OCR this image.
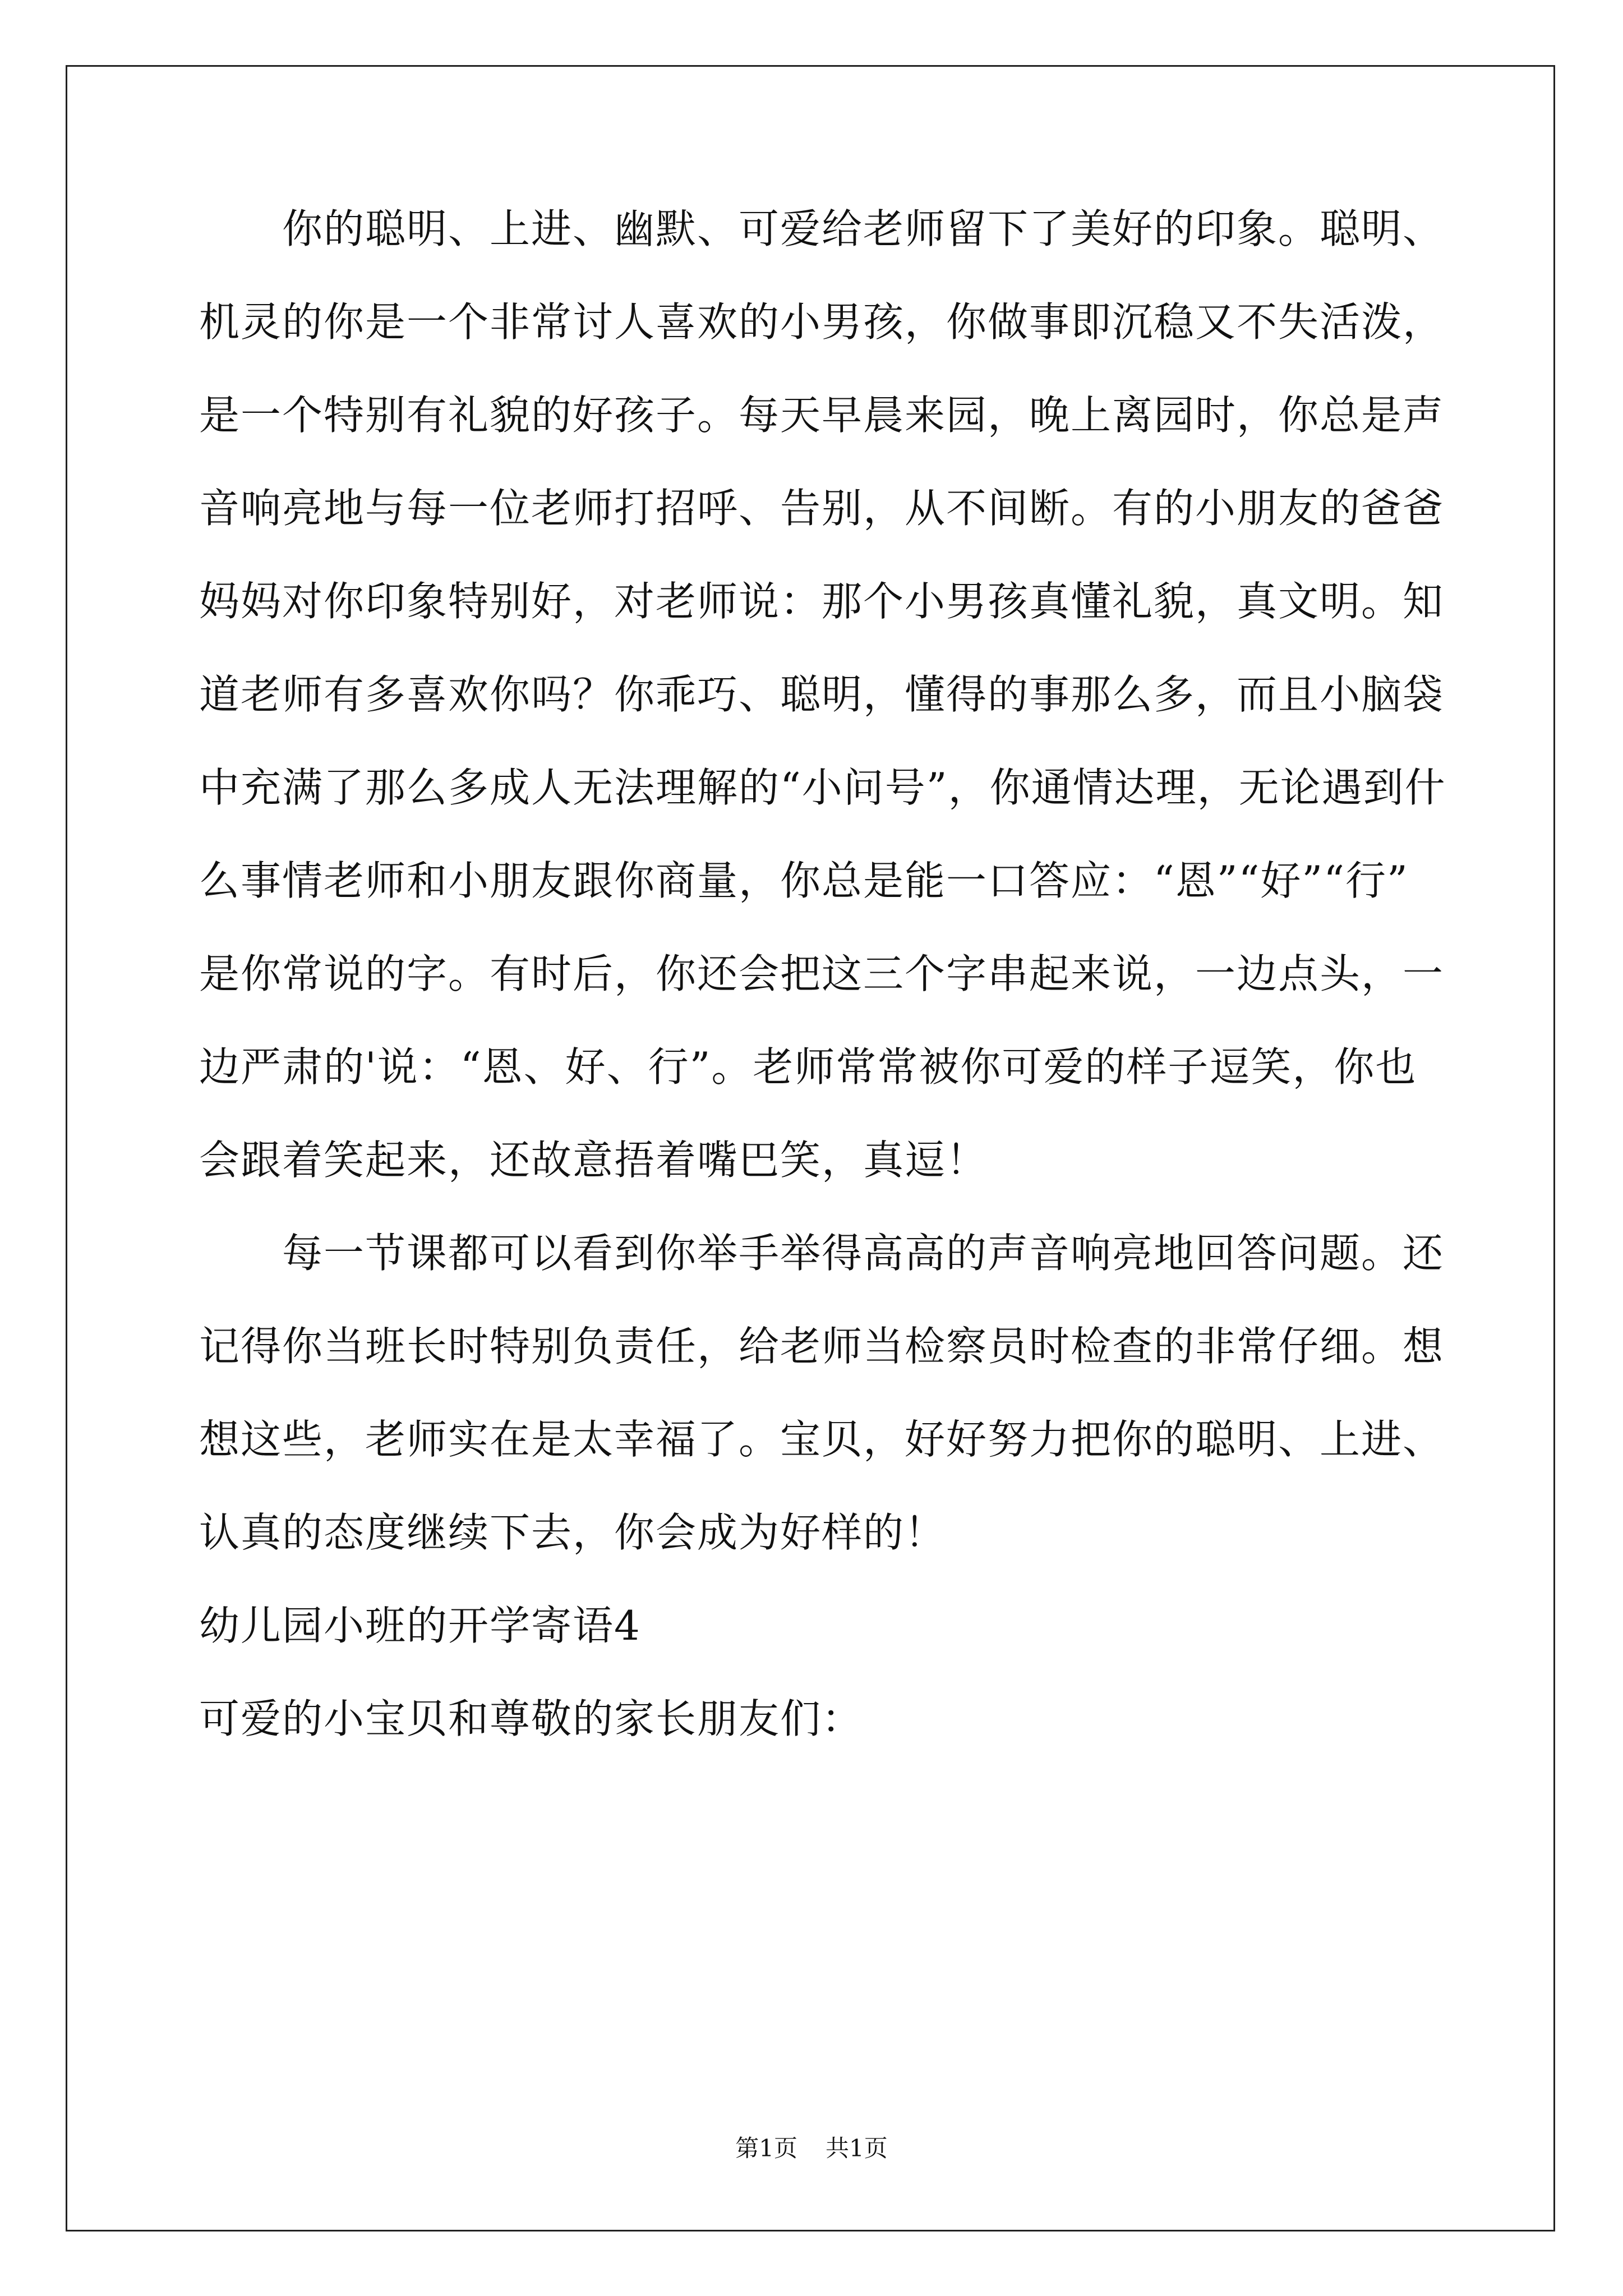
　　你的聪明、上进、幽默、可爱给老师留下了美好的印象。聪明、
机灵的你是一个非常讨人喜欢的小男孩，你做事即沉稳又不失活泼，
是一个特别有礼貌的好孩子。每天早晨来园，晚上离园时，你总是声
音响亮地与每一位老师打招呼、告别，从不间断。有的小朋友的爸爸
妈妈对你印象特别好，对老师说：那个小男孩真懂礼貌，真文明。知
道老师有多喜欢你吗？你乖巧、聪明，懂得的事那么多，而且小脑袋
中充满了那么多成人无法理解的“小问号”，你通情达理，无论遇到什
么事情老师和小朋友跟你商量，你总是能一口答应：“恩”“好”“行”
是你常说的字。有时后，你还会把这三个字串起来说，一边点头，一
边严肃的'说：“恩、好、行”。老师常常被你可爱的样子逗笑，你也
会跟着笑起来，还故意捂着嘴巴笑，真逗！
　　每一节课都可以看到你举手举得高高的声音响亮地回答问题。还
记得你当班长时特别负责任，给老师当检察员时检查的非常仔细。想
想这些，老师实在是太幸福了。宝贝，好好努力把你的聪明、上进、
认真的态度继续下去，你会成为好样的！
幼儿园小班的开学寄语4
可爱的小宝贝和尊敬的家长朋友们：
第1页 共1页
